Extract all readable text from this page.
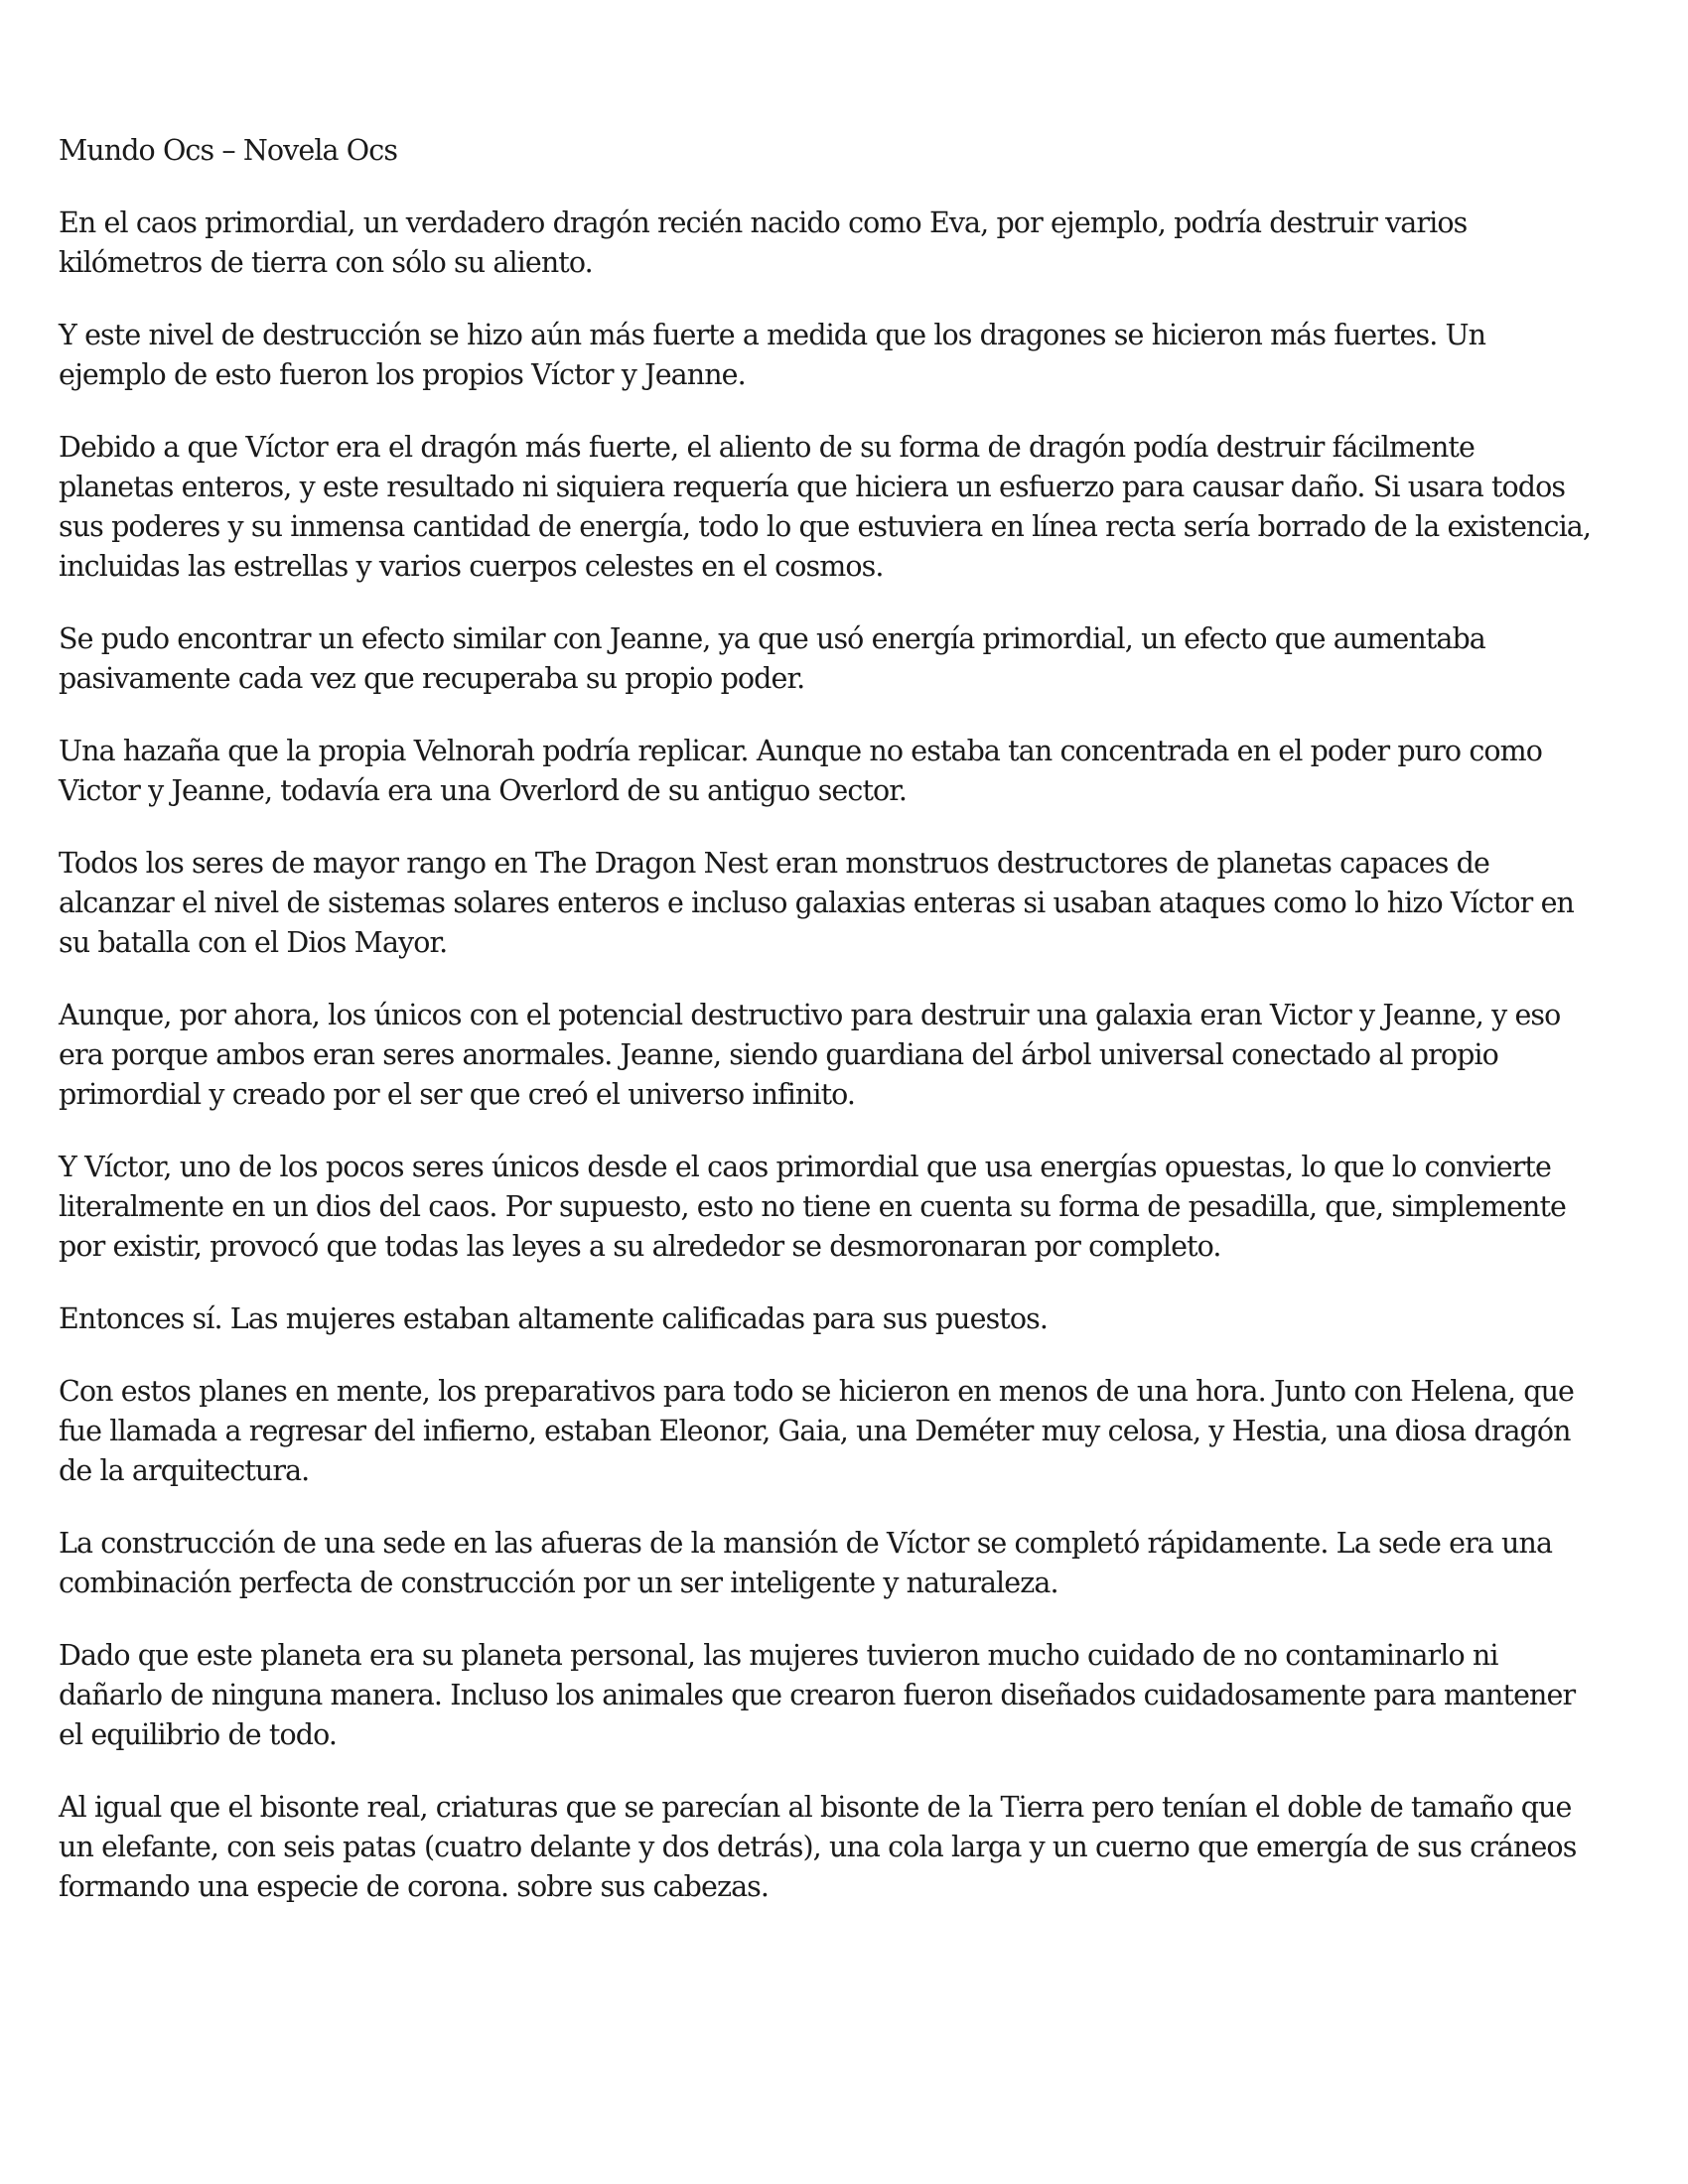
Mundo Ocs – Novela Ocs

En el caos primordial, un verdadero dragón recién nacido como Eva, por ejemplo, podría destruir varios
kilómetros de tierra con sólo su aliento.

Y este nivel de destrucción se hizo aún más fuerte a medida que los dragones se hicieron más fuertes. Un
ejemplo de esto fueron los propios Víctor y Jeanne.

Debido a que Víctor era el dragón más fuerte, el aliento de su forma de dragón podía destruir fácilmente
planetas enteros, y este resultado ni siquiera requería que hiciera un esfuerzo para causar daño. Si usara todos
sus poderes y su inmensa cantidad de energía, todo lo que estuviera en línea recta sería borrado de la existencia,
incluidas las estrellas y varios cuerpos celestes en el cosmos.

Se pudo encontrar un efecto similar con Jeanne, ya que usó energía primordial, un efecto que aumentaba
pasivamente cada vez que recuperaba su propio poder.

Una hazaña que la propia Velnorah podría replicar. Aunque no estaba tan concentrada en el poder puro como
Victor y Jeanne, todavía era una Overlord de su antiguo sector.

Todos los seres de mayor rango en The Dragon Nest eran monstruos destructores de planetas capaces de
alcanzar el nivel de sistemas solares enteros e incluso galaxias enteras si usaban ataques como lo hizo Víctor en
su batalla con el Dios Mayor.

Aunque, por ahora, los únicos con el potencial destructivo para destruir una galaxia eran Victor y Jeanne, y eso
era porque ambos eran seres anormales. Jeanne, siendo guardiana del árbol universal conectado al propio
primordial y creado por el ser que creó el universo infinito.

Y Víctor, uno de los pocos seres únicos desde el caos primordial que usa energías opuestas, lo que lo convierte
literalmente en un dios del caos. Por supuesto, esto no tiene en cuenta su forma de pesadilla, que, simplemente
por existir, provocó que todas las leyes a su alrededor se desmoronaran por completo.

Entonces sí. Las mujeres estaban altamente calificadas para sus puestos.

Con estos planes en mente, los preparativos para todo se hicieron en menos de una hora. Junto con Helena, que
fue llamada a regresar del infierno, estaban Eleonor, Gaia, una Deméter muy celosa, y Hestia, una diosa dragón
de la arquitectura.

La construcción de una sede en las afueras de la mansión de Víctor se completó rápidamente. La sede era una
combinación perfecta de construcción por un ser inteligente y naturaleza.

Dado que este planeta era su planeta personal, las mujeres tuvieron mucho cuidado de no contaminarlo ni
dañarlo de ninguna manera. Incluso los animales que crearon fueron diseñados cuidadosamente para mantener
el equilibrio de todo.

Al igual que el bisonte real, criaturas que se parecían al bisonte de la Tierra pero tenían el doble de tamaño que
un elefante, con seis patas (cuatro delante y dos detrás), una cola larga y un cuerno que emergía de sus cráneos
formando una especie de corona. sobre sus cabezas.
